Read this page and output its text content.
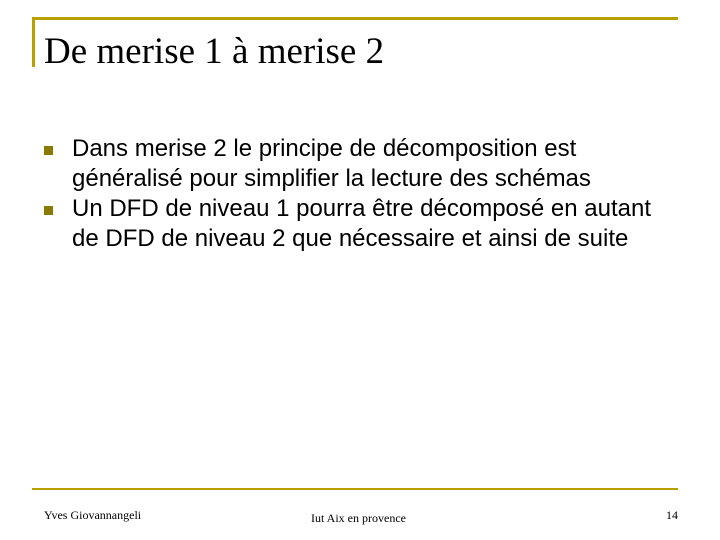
De merise 1 à merise 2
Dans merise 2 le principe de décomposition est généralisé pour simplifier la lecture des schémas
Un DFD de niveau 1 pourra être décomposé en autant de DFD de niveau 2 que nécessaire et ainsi de suite
Yves Giovannangeli	Iut Aix en provence	14
